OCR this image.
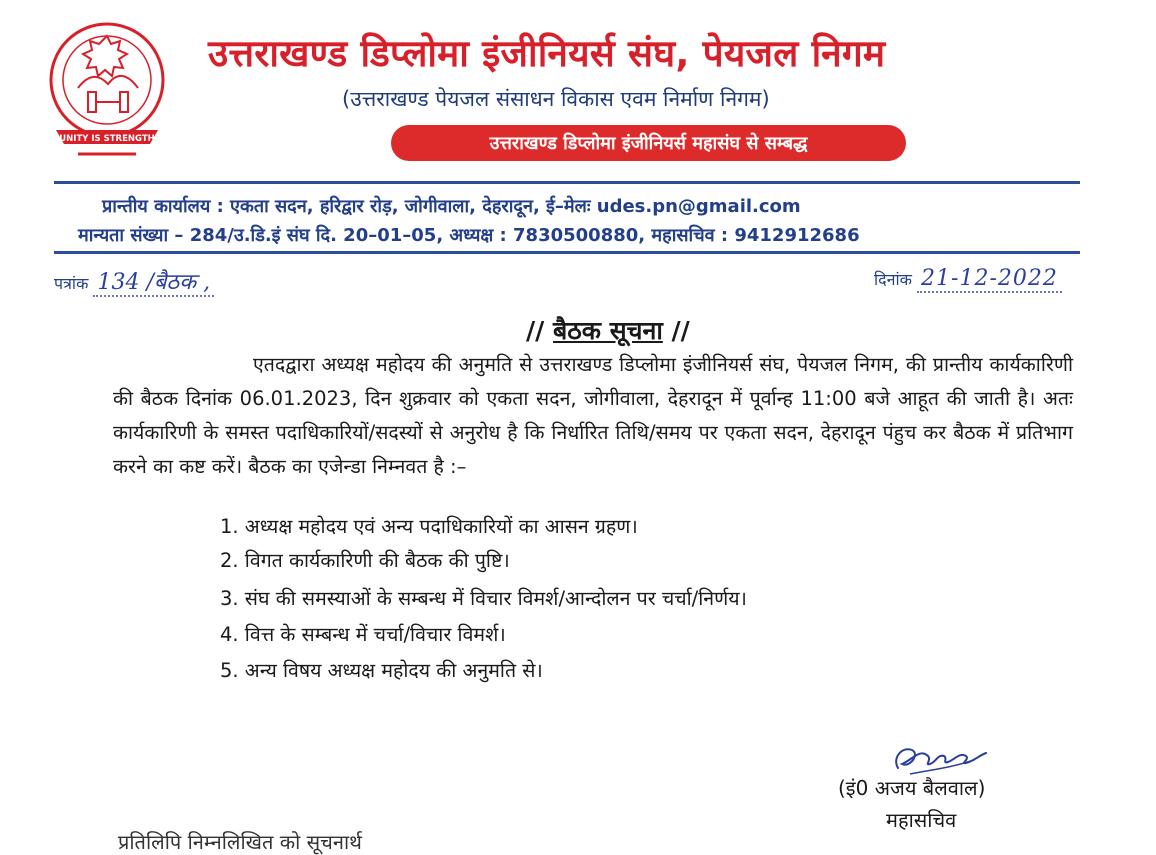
UNITY IS STRENGTH
उत्तराखण्ड डिप्लोमा इंजीनियर्स संघ, पेयजल निगम
(उत्तराखण्ड पेयजल संसाधन विकास एवम निर्माण निगम)
उत्तराखण्ड डिप्लोमा इंजीनियर्स महासंघ से सम्बद्ध
प्रान्तीय कार्यालय : एकता सदन, हरिद्वार रोड़, जोगीवाला, देहरादून, ई–मेलः udes.pn@gmail.com
मान्यता संख्या – 284/उ.डि.इं संघ दि. 20–01–05, अध्यक्ष : 7830500880, महासचिव : 9412912686
पत्रांक 134 /बैठक ,	दिनांक 21-12-2022
// बैठक सूचना //
एतदद्वारा अध्यक्ष महोदय की अनुमति से उत्तराखण्ड डिप्लोमा इंजीनियर्स संघ, पेयजल निगम, की प्रान्तीय कार्यकारिणी की बैठक दिनांक 06.01.2023, दिन शुक्रवार को एकता सदन, जोगीवाला, देहरादून में पूर्वान्ह 11:00 बजे आहूत की जाती है। अतः कार्यकारिणी के समस्त पदाधिकारियों/सदस्यों से अनुरोध है कि निर्धारित तिथि/समय पर एकता सदन, देहरादून पंहुच कर बैठक में प्रतिभाग करने का कष्ट करें। बैठक का एजेन्डा निम्नवत है :–
1. अध्यक्ष महोदय एवं अन्य पदाधिकारियों का आसन ग्रहण।
2. विगत कार्यकारिणी की बैठक की पुष्टि।
3. संघ की समस्याओं के सम्बन्ध में विचार विमर्श/आन्दोलन पर चर्चा/निर्णय।
4. वित्त के सम्बन्ध में चर्चा/विचार विमर्श।
5. अन्य विषय अध्यक्ष महोदय की अनुमति से।
(इं0 अजय बैलवाल)
महासचिव
प्रतिलिपि निम्नलिखित को सूचनार्थ
